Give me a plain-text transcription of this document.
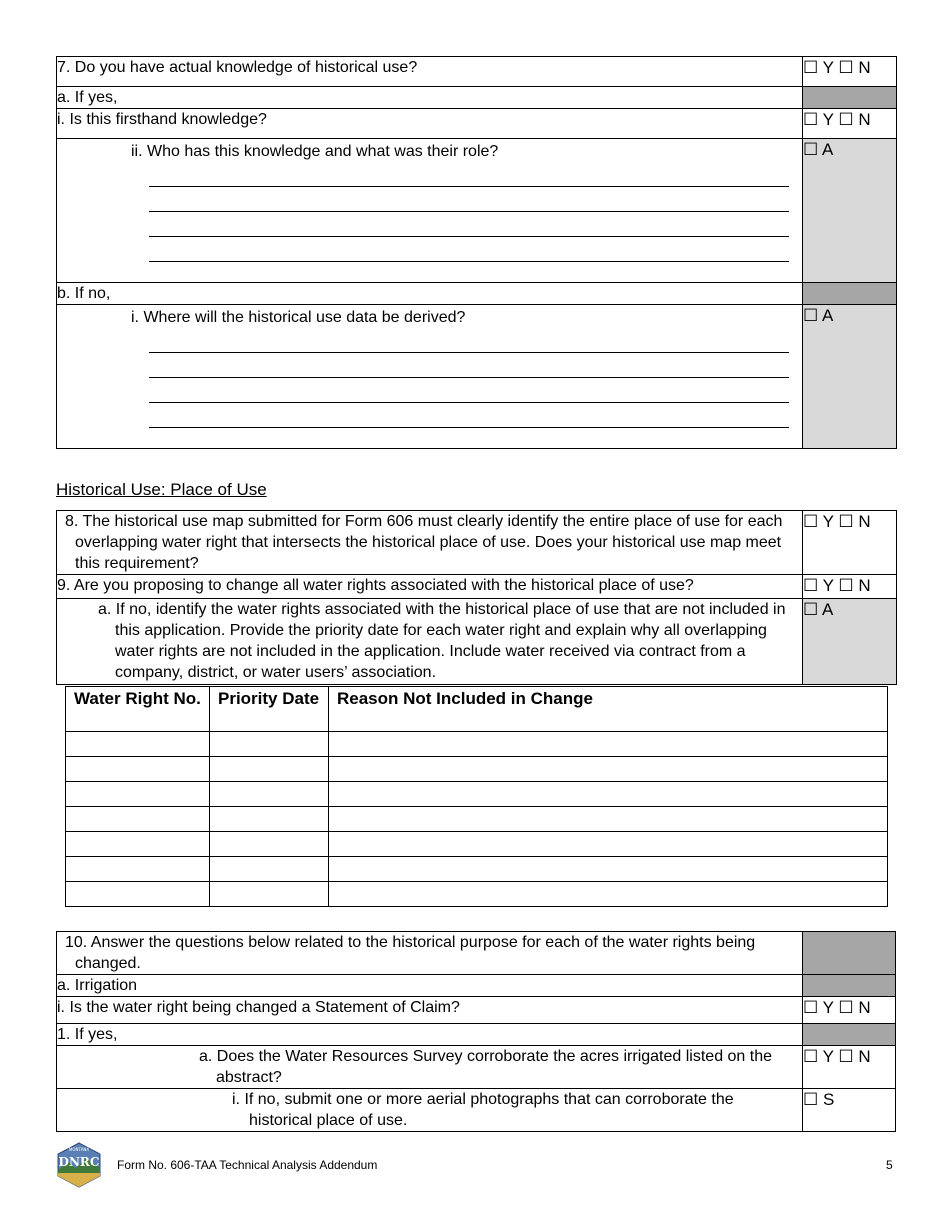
7. Do you have actual knowledge of historical use?	☐ Y ☐ N
a. If yes,	
i. Is this firsthand knowledge?	☐ Y ☐ N

ii. Who has this knowledge and what was their role?	☐ A
b. If no,	

i. Where will the historical use data be derived?	☐ A
Historical Use: Place of Use
8. The historical use map submitted for Form 606 must clearly identify the entire place of use for each overlapping water right that intersects the historical place of use. Does your historical use map meet this requirement?	☐ Y ☐ N
9. Are you proposing to change all water rights associated with the historical place of use?	☐ Y ☐ N

a. If no, identify the water rights associated with the historical place of use that are not included in this application. Provide the priority date for each water right and explain why all overlapping water rights are not included in the application. Include water received via contract from a company, district, or water users’ association.	☐ A
Water Right No.	Priority Date	Reason Not Included in Change

10. Answer the questions below related to the historical purpose for each of the water rights being changed.	

a. Irrigation	
i. Is the water right being changed a Statement of Claim?	☐ Y ☐ N
1. If yes,	

a. Does the Water Resources Survey corroborate the acres irrigated listed on the abstract?	☐ Y ☐ N

i. If no, submit one or more aerial photographs that can corroborate the historical place of use.	☐ S
MONTANA
DNRC Form No. 606-TAA Technical Analysis Addendum	5
